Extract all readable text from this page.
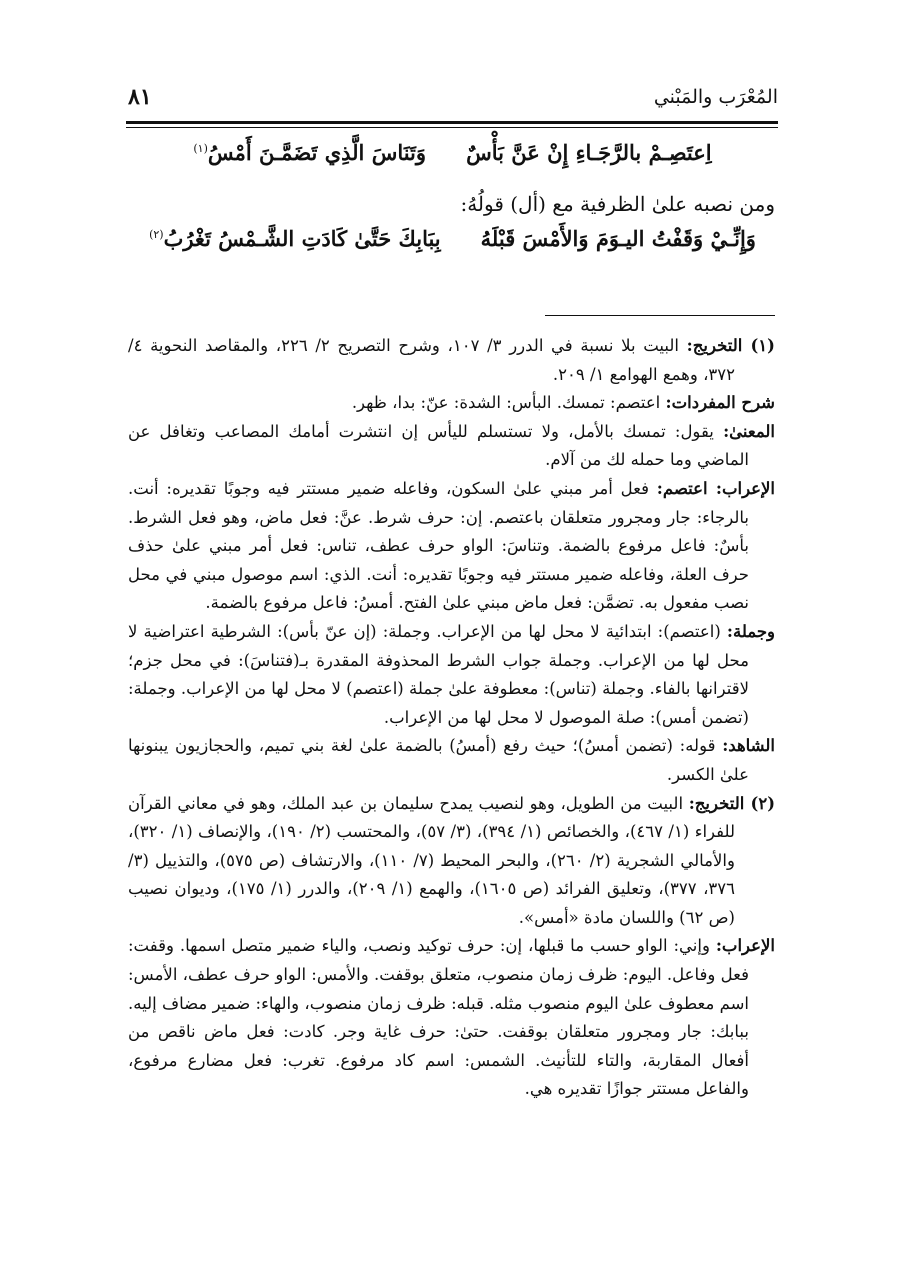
المُعْرَب والمَبْني
٨١
اِعتَصِـمْ بالرَّجَـاءِ إِنْ عَنَّ بَأْسٌ
وَتَنَاسَ الَّذِي تَضَمَّـنَ أَمْسُ$^{(١)}$
ومن نصبه علىٰ الظرفية مع (أل) قولُهُ:
وَإِنِّـيْ وَقَفْتُ اليـوَمَ وَالأَمْسَ قَبْلَهُ
بِبَابِكَ حَتَّىٰ كَادَتِ الشَّـمْسُ تَغْرُبُ$^{(٢)}$

(١) التخريج: البيت بلا نسبة في الدرر ٣/ ١٠٧، وشرح التصريح ٢/ ٢٢٦، والمقاصد النحوية ٤/ ٣٧٢، وهمع الهوامع ١/ ٢٠٩.

شرح المفردات: اعتصم: تمسك. البأس: الشدة: عنّ: بدا، ظهر.

المعنىٰ: يقول: تمسك بالأمل، ولا تستسلم لليأس إن انتشرت أمامك المصاعب وتغافل عن الماضي وما حمله لك من آلام.

الإعراب: اعتصم: فعل أمر مبني علىٰ السكون، وفاعله ضمير مستتر فيه وجوبًا تقديره: أنت. بالرجاء: جار ومجرور متعلقان باعتصم. إن: حرف شرط. عنَّ: فعل ماض، وهو فعل الشرط. بأسٌ: فاعل مرفوع بالضمة. وتناسَ: الواو حرف عطف، تناس: فعل أمر مبني علىٰ حذف حرف العلة، وفاعله ضمير مستتر فيه وجوبًا تقديره: أنت. الذي: اسم موصول مبني في محل نصب مفعول به. تضمَّن: فعل ماض مبني علىٰ الفتح. أمسُ: فاعل مرفوع بالضمة.

وجملة: (اعتصم): ابتدائية لا محل لها من الإعراب. وجملة: (إن عنّ بأس): الشرطية اعتراضية لا محل لها من الإعراب. وجملة جواب الشرط المحذوفة المقدرة بـ(فتناسَ): في محل جزم؛ لاقترانها بالفاء. وجملة (تناس): معطوفة علىٰ جملة (اعتصم) لا محل لها من الإعراب. وجملة: (تضمن أمس): صلة الموصول لا محل لها من الإعراب.

الشاهد: قوله: (تضمن أمسُ)؛ حيث رفع (أمسُ) بالضمة علىٰ لغة بني تميم، والحجازيون يبنونها علىٰ الكسر.

(٢) التخريج: البيت من الطويل، وهو لنصيب يمدح سليمان بن عبد الملك، وهو في معاني القرآن للفراء (١/ ٤٦٧)، والخصائص (١/ ٣٩٤)، (٣/ ٥٧)، والمحتسب (٢/ ١٩٠)، والإنصاف (١/ ٣٢٠)، والأمالي الشجرية (٢/ ٢٦٠)، والبحر المحيط (٧/ ١١٠)، والارتشاف (ص ٥٧٥)، والتذييل (٣/ ٣٧٦، ٣٧٧)، وتعليق الفرائد (ص ١٦٠٥)، والهمع (١/ ٢٠٩)، والدرر (١/ ١٧٥)، وديوان نصيب (ص ٦٢) واللسان مادة «أمس».

الإعراب: وإني: الواو حسب ما قبلها، إن: حرف توكيد ونصب، والياء ضمير متصل اسمها. وقفت: فعل وفاعل. اليوم: ظرف زمان منصوب، متعلق بوقفت. والأمس: الواو حرف عطف، الأمس: اسم معطوف علىٰ اليوم منصوب مثله. قبله: ظرف زمان منصوب، والهاء: ضمير مضاف إليه. ببابك: جار ومجرور متعلقان بوقفت. حتىٰ: حرف غاية وجر. كادت: فعل ماض ناقص من أفعال المقاربة، والتاء للتأنيث. الشمس: اسم كاد مرفوع. تغرب: فعل مضارع مرفوع، والفاعل مستتر جوازًا تقديره هي.
